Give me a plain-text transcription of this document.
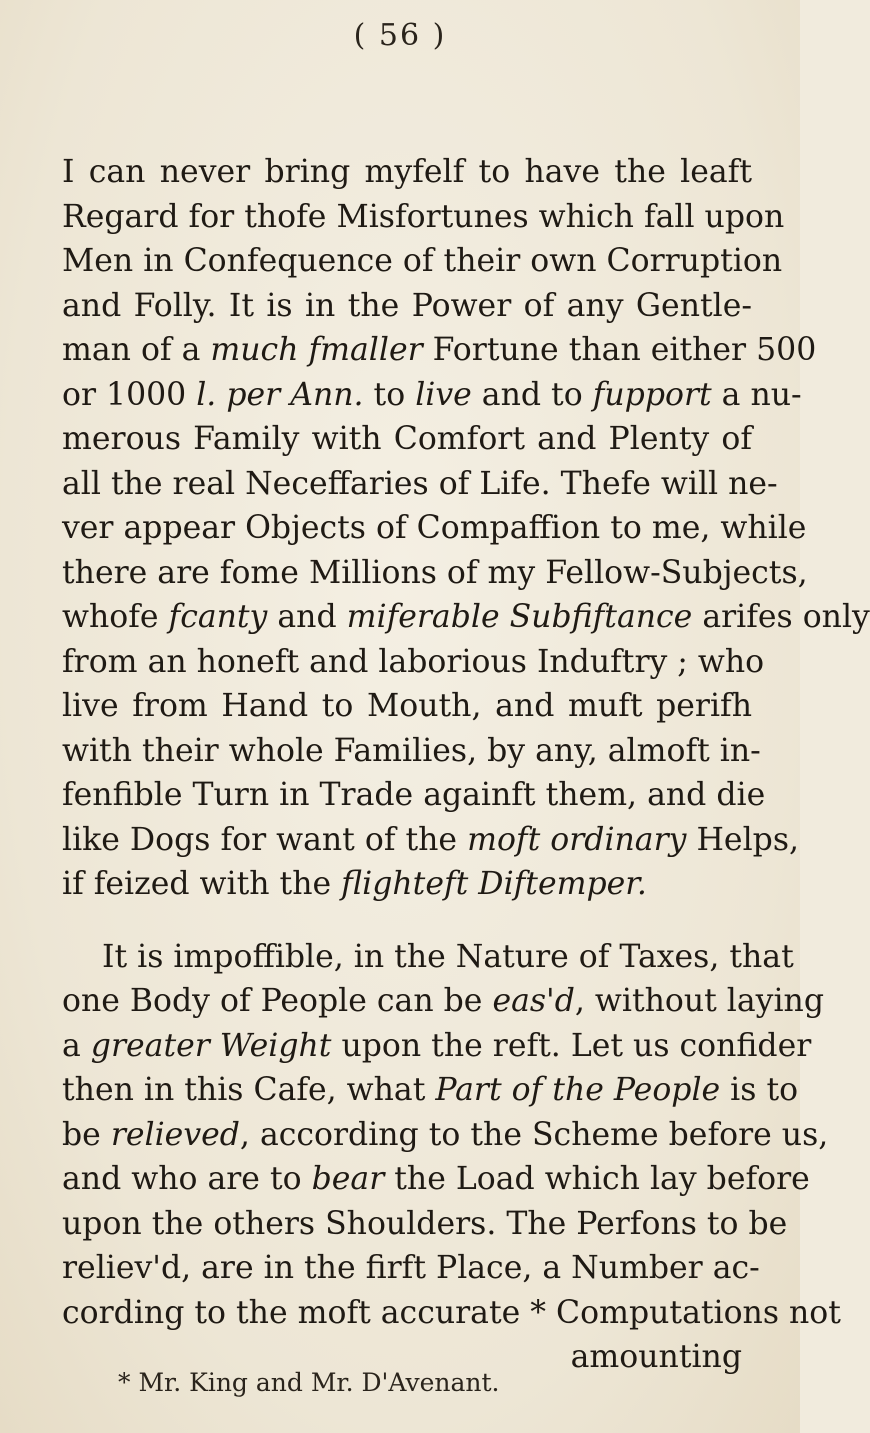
( 56 )
I can never bring myfelf to have the leaft
Regard for thofe Misfortunes which fall upon
Men in Confequence of their own Corruption
and Folly. It is in the Power of any Gentle-
man of a much fmaller Fortune than either 500
or 1000 l. per Ann. to live and to fupport a nu-
merous Family with Comfort and Plenty of
all the real Neceffaries of Life. Thefe will ne-
ver appear Objects of Compaffion to me, while
there are fome Millions of my Fellow-Subjects,
whofe fcanty and miferable Subfiftance arifes only
from an honeft and laborious Induftry ; who
live from Hand to Mouth, and muft perifh
with their whole Families, by any, almoft in-
fenfible Turn in Trade againft them, and die
like Dogs for want of the moft ordinary Helps,
if feized with the flighteft Diftemper.
It is impoffible, in the Nature of Taxes, that
one Body of People can be eas'd, without laying
a greater Weight upon the reft. Let us confider
then in this Cafe, what Part of the People is to
be relieved, according to the Scheme before us,
and who are to bear the Load which lay before
upon the others Shoulders. The Perfons to be
reliev'd, are in the firft Place, a Number ac-
cording to the moft accurate * Computations not
amounting
* Mr. King and Mr. D'Avenant.
